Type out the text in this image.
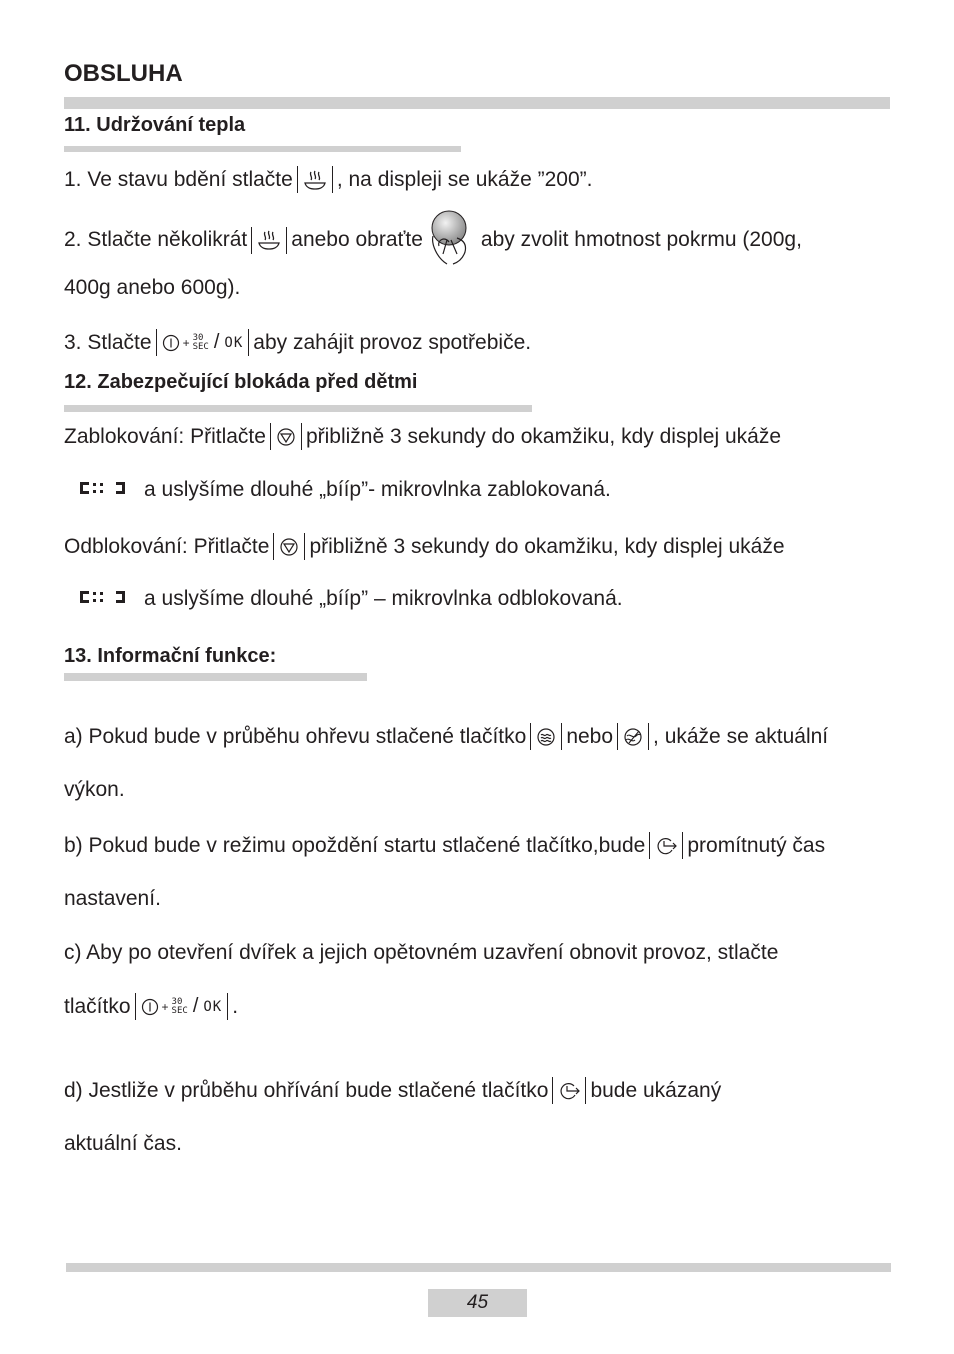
OBSLUHA
11. Udržování tepla
1. Ve stavu bdění stlačte , na displeji se ukáže ”200”.
2. Stlačte několikrát anebo obraťte	aby zvolit hmotnost pokrmu (200g,
400g anebo 600g).
3. Stlačte	+ 30
SEC / OK aby zahájit provoz spotřebiče.
12. Zabezpečující blokáda před dětmi
Zablokování: Přitlačte přibližně 3 sekundy do okamžiku, kdy displej ukáže
a uslyšíme dlouhé „bííp”- mikrovlnka zablokovaná.
Odblokování: Přitlačte přibližně 3 sekundy do okamžiku, kdy displej ukáže
a uslyšíme dlouhé „bííp” – mikrovlnka odblokovaná.
13. Informační funkce:
a) Pokud bude v průběhu ohřevu stlačené tlačítko nebo , ukáže se aktuální
výkon.
b) Pokud bude v režimu opoždění startu stlačené tlačítko,bude promítnutý čas
nastavení.
c) Aby po otevření dvířek a jejich opětovném uzavření obnovit provoz, stlačte
tlačítko	+ 30
SEC / OK .
d) Jestliže v průběhu ohřívání bude stlačené tlačítko bude ukázaný
aktuální čas.
45
